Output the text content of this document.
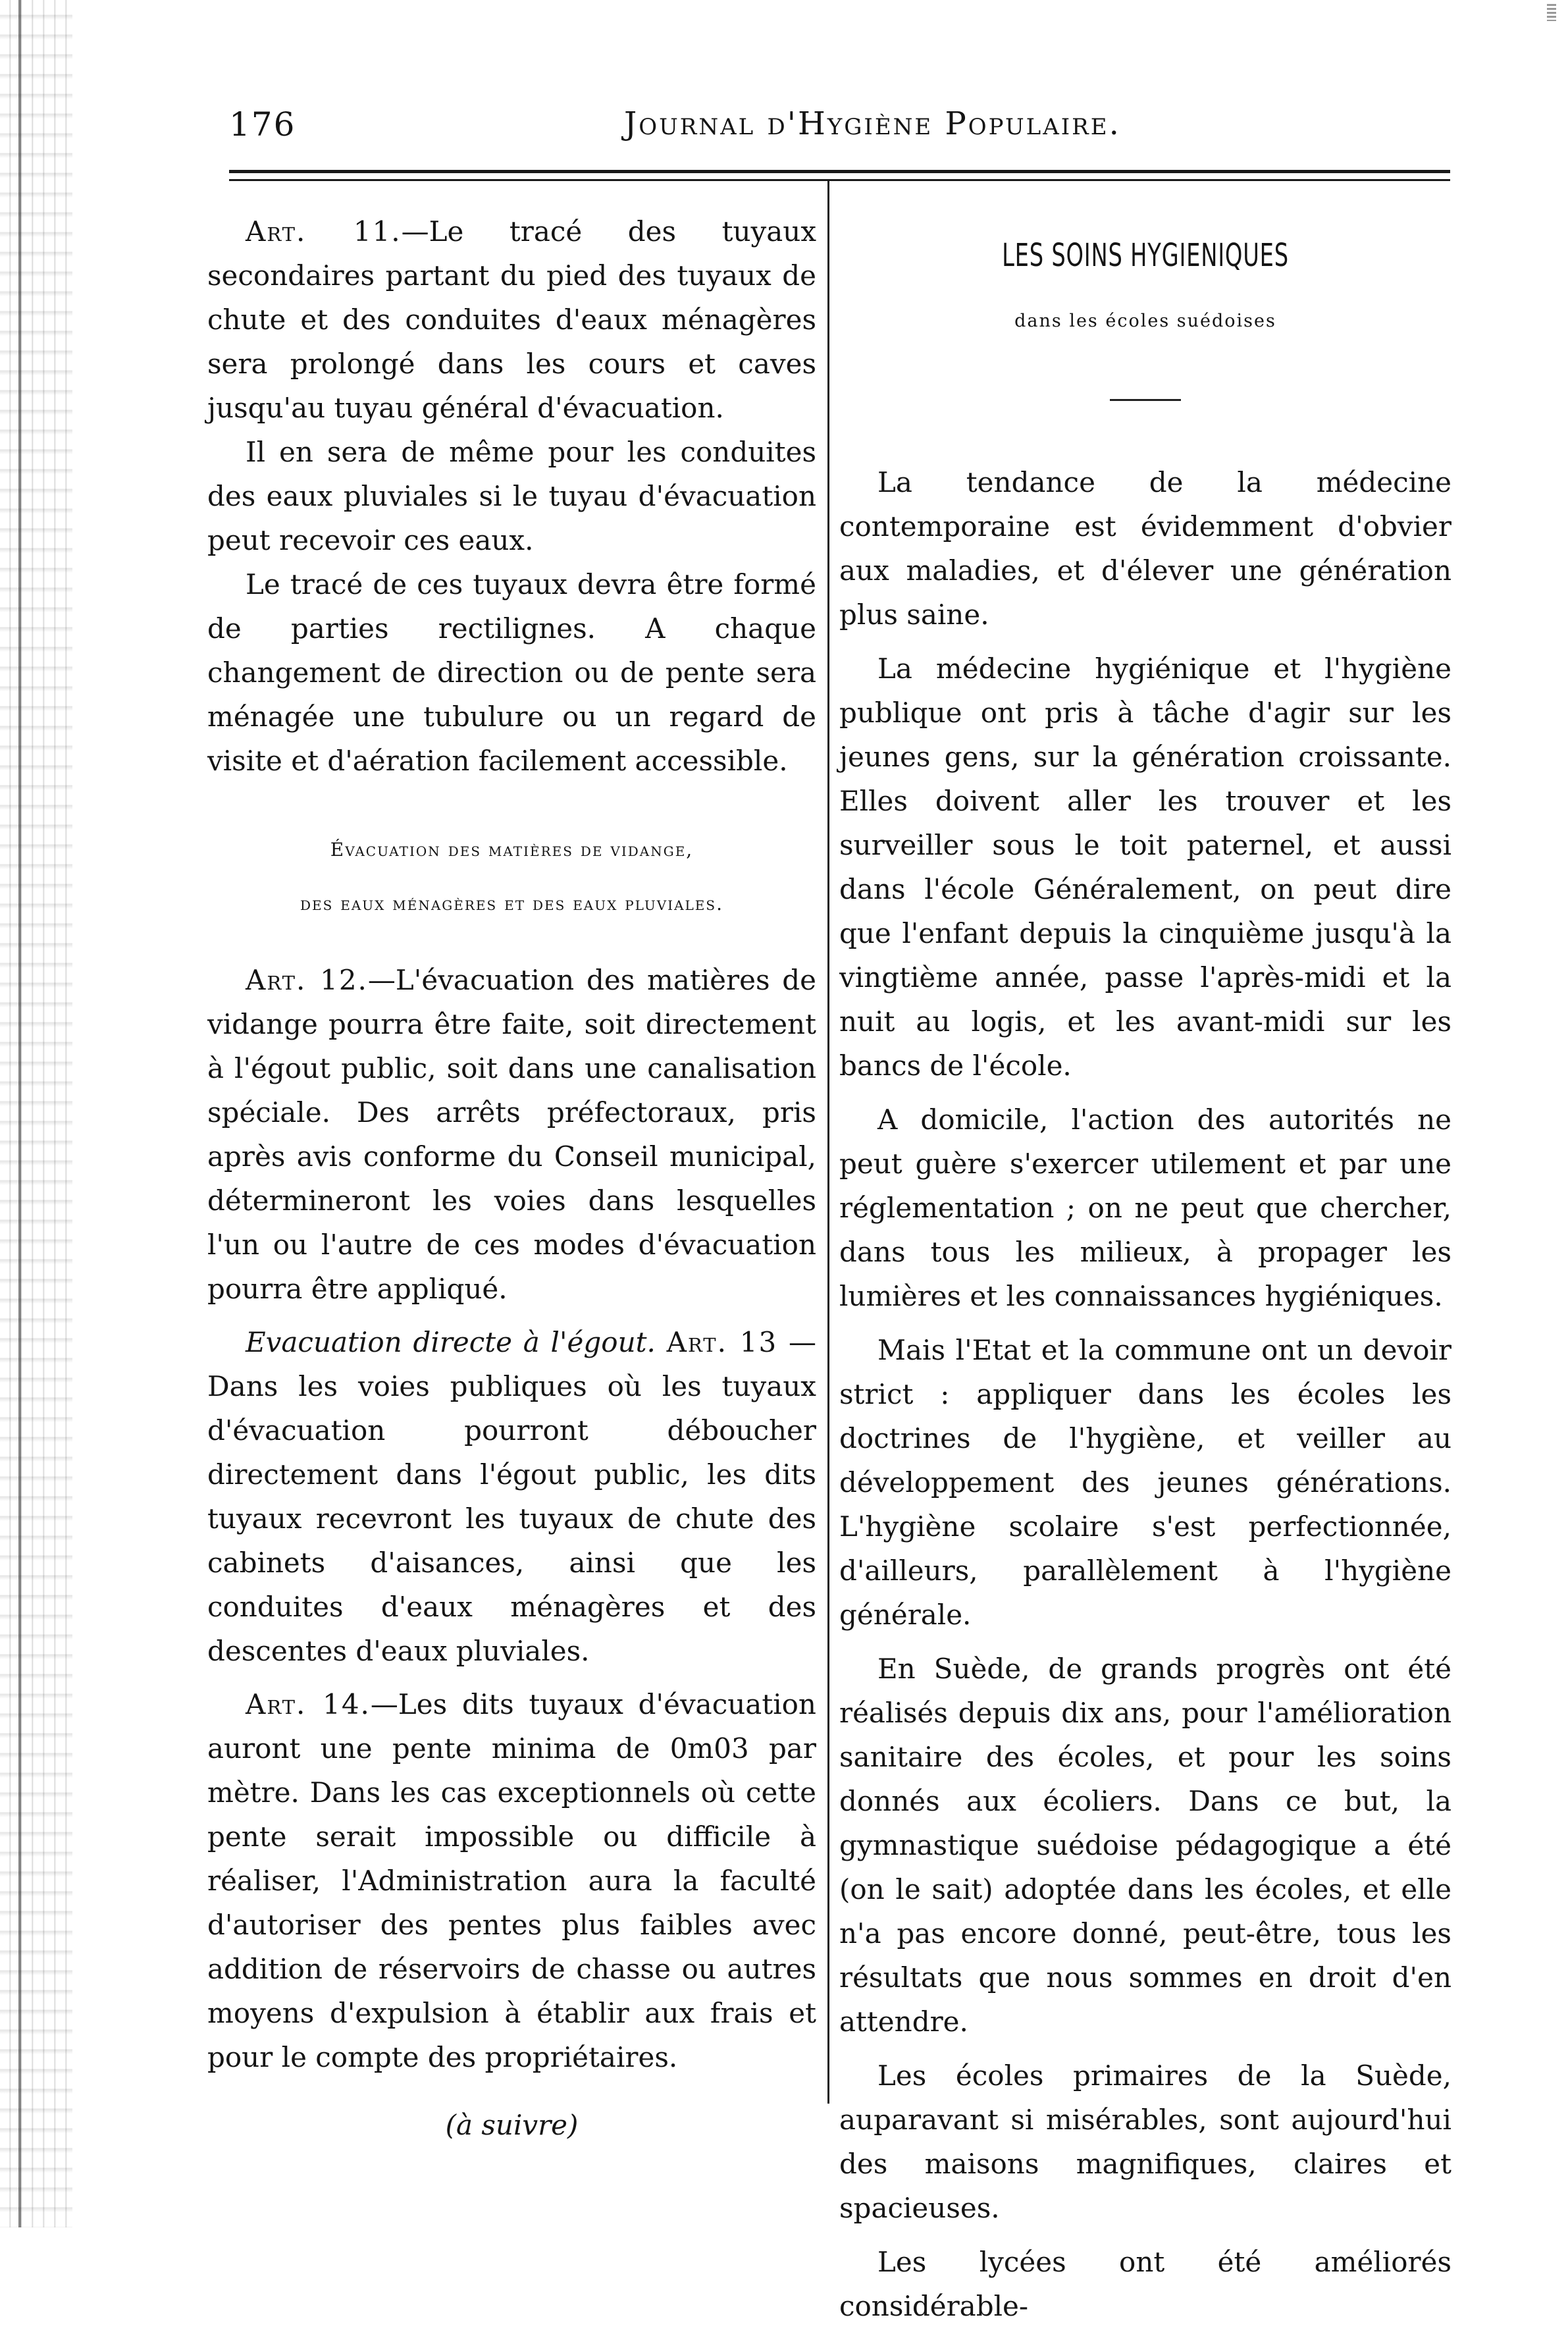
176	Journal d'Hygiène Populaire.

Art. 11.—Le tracé des tuyaux secondaires partant du pied des tuyaux de chute et des conduites d'eaux ménagères sera prolongé dans les cours et caves jusqu'au tuyau général d'évacuation.

Il en sera de même pour les conduites des eaux pluviales si le tuyau d'évacuation peut recevoir ces eaux.

Le tracé de ces tuyaux devra être formé de parties rectilignes. A chaque changement de direction ou de pente sera ménagée une tubulure ou un regard de visite et d'aération facilement accessible.

Évacuation des matières de vidange,

des eaux ménagères et des eaux pluviales.

Art. 12.—L'évacuation des matières de vidange pourra être faite, soit directement à l'égout public, soit dans une canalisation spéciale. Des arrêts préfectoraux, pris après avis conforme du Conseil municipal, détermineront les voies dans lesquelles l'un ou l'autre de ces modes d'évacuation pourra être appliqué.

Evacuation directe à l'égout. Art. 13 — Dans les voies publiques où les tuyaux d'évacuation pourront déboucher directement dans l'égout public, les dits tuyaux recevront les tuyaux de chute des cabinets d'aisances, ainsi que les conduites d'eaux ménagères et des descentes d'eaux pluviales.

Art. 14.—Les dits tuyaux d'évacuation auront une pente minima de 0m03 par mètre. Dans les cas exceptionnels où cette pente serait impossible ou difficile à réaliser, l'Administration aura la faculté d'autoriser des pentes plus faibles avec addition de réservoirs de chasse ou autres moyens d'expulsion à établir aux frais et pour le compte des propriétaires.

(à suivre)

LES SOINS HYGIENIQUES
dans les écoles suédoises

La tendance de la médecine contemporaine est évidemment d'obvier aux maladies, et d'élever une génération plus saine.

La médecine hygiénique et l'hygiène publique ont pris à tâche d'agir sur les jeunes gens, sur la génération croissante. Elles doivent aller les trouver et les surveiller sous le toit paternel, et aussi dans l'école Généralement, on peut dire que l'enfant depuis la cinquième jusqu'à la vingtième année, passe l'après-midi et la nuit au logis, et les avant-midi sur les bancs de l'école.

A domicile, l'action des autorités ne peut guère s'exercer utilement et par une réglementation ; on ne peut que chercher, dans tous les milieux, à propager les lumières et les connaissances hygiéniques.

Mais l'Etat et la commune ont un devoir strict : appliquer dans les écoles les doctrines de l'hygiène, et veiller au développement des jeunes générations. L'hygiène scolaire s'est perfectionnée, d'ailleurs, parallèlement à l'hygiène générale.

En Suède, de grands progrès ont été réalisés depuis dix ans, pour l'amélioration sanitaire des écoles, et pour les soins donnés aux écoliers. Dans ce but, la gymnastique suédoise pédagogique a été (on le sait) adoptée dans les écoles, et elle n'a pas encore donné, peut-être, tous les résultats que nous sommes en droit d'en attendre.

Les écoles primaires de la Suède, auparavant si misérables, sont aujourd'hui des maisons magnifiques, claires et spacieuses.

Les lycées ont été améliorés considérable-
